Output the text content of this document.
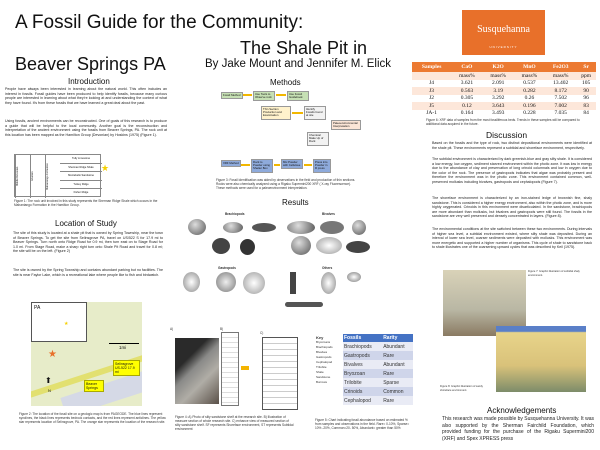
A Fossil Guide for the Community:
The Shale Pit in
Beaver Springs PA	By Jake Mount and Jennifer M. Elick
Susquehanna
UNIVERSITY
Introduction
People have always been interested in learning about the natural world. This often includes an interest in fossils. Fossil guides have been produced to help identify fossils, because many curious people are interested in learning about what they're looking at and understanding the context of what they have found. It's from these fossils that we have learned a great deal about the past.
Using fossils, ancient environments can be reconstructed. One of goals of this research is to produce a guide that will be helpful to the local community. Another goal is the reconstruction and interpretation of the ancient environment using the fossils from Beaver Springs, PA. The rock unit at this location has been mapped as the Hamilton Group (Devonian) by Hoskins (1975) (Figure 1).
Middle Devonian	Givetian	Mahantango Formation
Tully Limestone
Sherman Ridge Shale
Montebello Sandstone
Turkey Ridge
Fisher Ridge
★
Figure 1: The rock unit involved in this study represents the Sherman Ridge Shale which occurs in the Mahantango Formation in the Hamilton Group.
Location of Study
The site of this study is located at a shale pit that is owned by Spring Township, near the town of Beaver Springs. To get the site from Selinsgrove PA, travel on US/522 S for 17.9 mi to Beaver Springs. Turn north onto Ridge Road for 0.9 mi, then turn east on to Stage Road for 1.0 mi. From Stage Road, make a sharp right turn onto Shale Pit Road and travel for 0.8 mi; the site will be on the left. (Figure 2)
The site is owned by the Spring Township and contains abundant parking but no facilities. The site is near Faylor Lake, which is a recreational lake where people like to fish and birdwatch.
PA
★
1mi
★
⬆
N
Selinsgrove US-522 17.9 mi
Beaver Springs
Figure 2: The location of the fossil site on a geologic map is from PAGEODE. The blue lines represent synclines, the black lines represents bedrock contacts, and the red lines represent anticlines. The yellow star represents location of Selinsgrove, PA. The orange star represents the location of the research site.
Methods
Fossil Method	Use Tools to Observe rock
Use Fossil Guidebook
Thin Section Production and Examination
Identify Fossils found at site
Paleoenvironmental Interpretation
Chemical Make Up of Rock
XRF Method	Rock to Powder using Shatter Box
Mix Powder with Cellulose
Press into Powder in R press
Figure 3: Fossil identification was aided by observations in the field and production of thin sections. Rocks were also chemically analyzed using a Rigaku Supermini200 XRF ( X-ray Fluorescence). These methods were used for a paleoenvironment interpretation.
Results
Brachiopods	Bivalves
Gastropods	Others
A)	B)
C)
Figure 4: A) Photo of silty sandstone shelf at the research site. B) Illustration of measure section of whole research site. C) enhance view of measured section of silty sandstone shelf. SF represents Shoreface environment, ST represents Subtidal environment
Key
Bryozoans
Brachiopods
Bivalves
Gastropods
Cephalopod
Trilobite
Shale
Sandstone
Burrows
Fossils	Rarity
Brachiopods	Abundant
Gastropods	Rare
Bivalves	Abundant
Bryozoan	Rare
Trilobite	Sparse
Crinoids	Common
Cephalopod	Rare
Figure 5: Chart indicating fossil abundance based on estimated % from samples and observations in the field. Rare= 0-10%, Sparse= 10% -20%, Common=20- 50%, Abundant= greater than 50%
Samples	CaO	K2O	MnO	Fe2O3	Sr
	mass%	mass%	mass%	mass%	ppm
J4	3.621	2.091	0.537	13.402	105
J3	0.563	3.19	0.282	8.172	90
J2	0.305	3.292	0.26	7.502	96
J5	0.12	3.643	0.196	7.002	83
JA-1	0.164	3.493	0.228	7.035	84
Figure 6: XRF data of samples from the most fossiliferous beds. Trends in these samples will be compared to additional data acquired in the future.
Discussion
Based on the fossils and the type of rock, two distinct depositional environments were identified at the shale pit. These environments represent a subtidal and shoreface environment, respectively.
The subtidal environment is characterized by dark greenish-blue and gray silty shale. It is considered a low energy, low oxygen, sediment starved environment within the photic zone. It was low in energy due to the abundance of clay and preservation of long crinoid columnals and low in oxygen due to the color of the rock. The presence of gastropods indicates that algae was probably present and therefore the environment was in the photic zone. This environment contained common, well-preserved mollusks including bivalves, gastropods and cephalopods (Figure 7).
The shoreface environment is characterized by an iron-stained ledge of brownish fine, shaly sandstone. This is considered a higher energy environment, also within the photic zone, and is more highly oxygenated. Crinoids in this environment were disarticulated. In the sandstone, brachiopods are more abundant than mollusks, but bivalves and gastropods were still found. The fossils in the sandstone are very well preserved and densely concentrated in layers. (Figure 8).
The environmental conditions at the site switched between these two environments. During intervals of higher sea level, a subtidal environment existed, where silty shale was deposited. During an interval of lower sea level, coarser sediments were deposited with mollusks. This environment was more energetic and supported a higher number of organisms. This cycle of shale to sandstone back to shale illustrates one of the coarsening upward cycles that was described by Keil (1975).
Figure 7: Graphic illustration of subtidal shaly environment.
Figure 8: Graphic illustration of sandy shoreface environment.
Acknowledgements
This research was made possible by Susquehanna University. It was also supported by the Sherman Fairchild Foundation, which provided funding for the purchase of the Rigaku Supermini200 (XRF) and Spex XPRESS press
